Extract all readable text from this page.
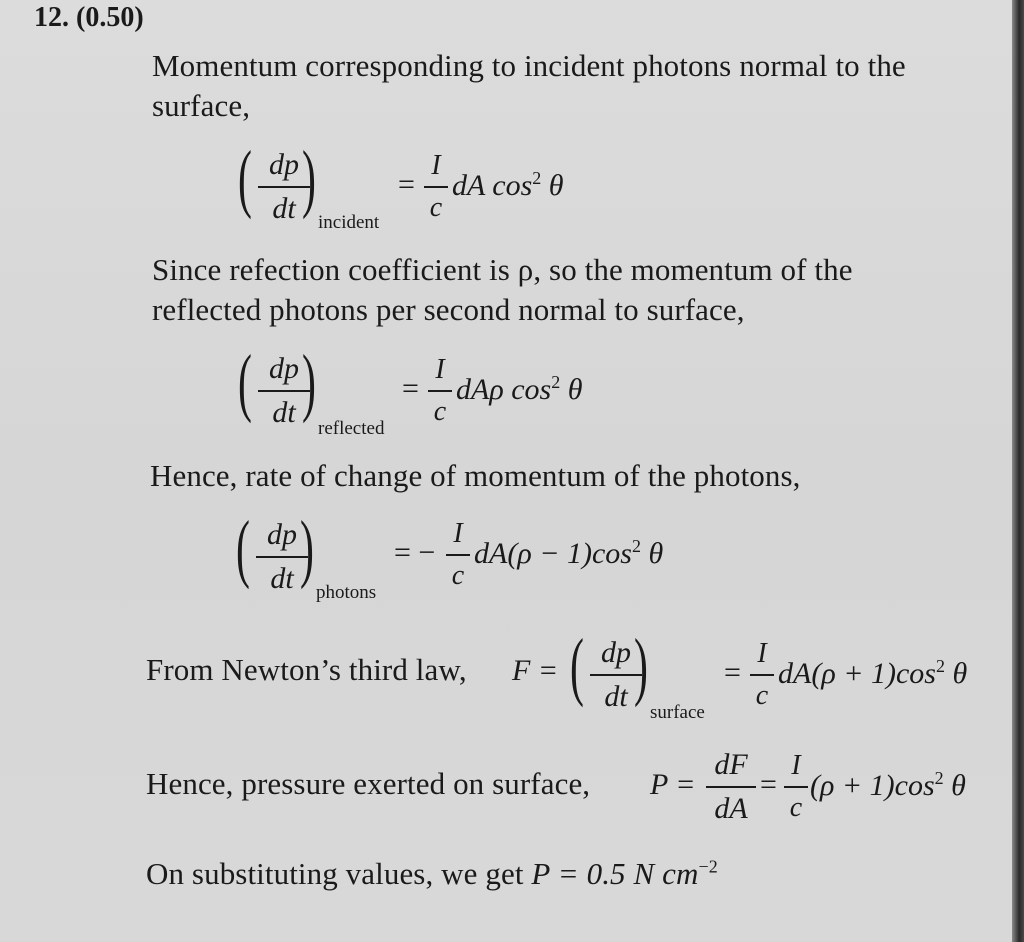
12. (0.50)
Momentum corresponding to incident photons normal to the
surface,
( dp
dt )
incident
=
I
c
dA $\cos^2 \theta$
Since refection coefficient is ρ, so the momentum of the
reflected photons per second normal to surface,
( dp
dt )
reflected
=
I
c
dAρ $\cos^2 \theta$
Hence, rate of change of momentum of the photons,
( dp
dt )
photons
= −
I
c
$dA(\rho - 1)\cos^2$ θ
From Newton’s third law, F = ( dp
dt )
surface
=
I
c
$dA(\rho + 1)\cos^2$ θ
Hence, pressure exerted on surface, P =
dF
dA
=
I
c
$(\rho + 1)\cos^2$ θ
On substituting values, we get P = 0.5 N $cm^{-2}$
